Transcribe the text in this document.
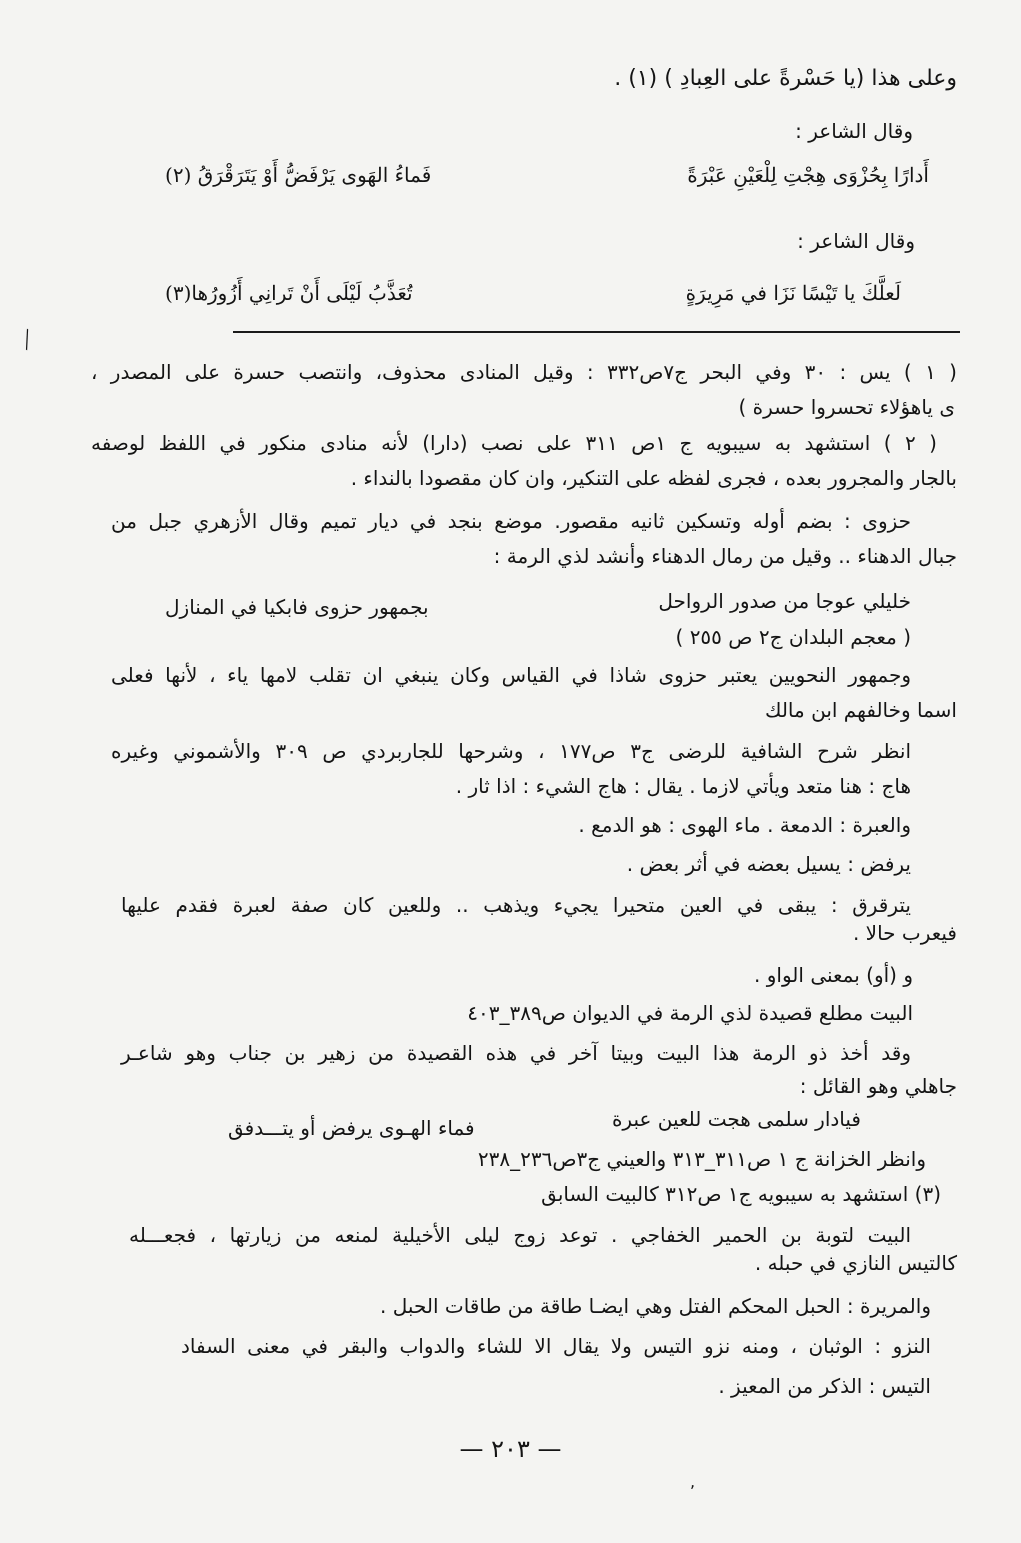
وعلى هذا (يا حَسْرةً على العِبادِ ) (١) .
وقال الشاعر :
أَدارًا بِحُزْوَى هِجْتِ لِلْعَيْنِ عَبْرَةً
فَماءُ الهَوى يَرْفَضُّ أَوْ يَتَرَقْرَقُ (٢)
وقال الشاعر :
لَعلَّكَ يا تَيْسًا نَزَا في مَرِيرَةٍ
تُعَذَّبُ لَيْلَى أَنْ تَرانِي أَزُورُها(٣)
( ١ ) يس : ٣٠ وفي البحر ج٧ص٣٣٢ : وقيل المنادى محذوف، وانتصب حسرة على المصدر ،
ى ياهؤلاء تحسروا حسرة )
( ٢ ) استشهد به سيبويه ج ١ص ٣١١ على نصب (دارا) لأنه منادى منكور في اللفظ لوصفه
بالجار والمجرور بعده ، فجرى لفظه على التنكير، وان كان مقصودا بالنداء .
حزوى : بضم أوله وتسكين ثانيه مقصور. موضع بنجد في ديار تميم وقال الأزهري جبل من
جبال الدهناء .. وقيل من رمال الدهناء وأنشد لذي الرمة :
خليلي عوجا من صدور الرواحل
بجمهور حزوى فابكيا في المنازل
( معجم البلدان ج٢ ص ٢٥٥ )
وجمهور النحويين يعتبر حزوى شاذا في القياس وكان ينبغي ان تقلب لامها ياء ، لأنها فعلى
اسما وخالفهم ابن مالك
انظر شرح الشافية للرضى ج٣ ص١٧٧ ، وشرحها للجاربردي ص ٣٠٩ والأشموني وغيره
هاج : هنا متعد ويأتي لازما . يقال : هاج الشيء : اذا ثار .
والعبرة : الدمعة . ماء الهوى : هو الدمع .
يرفض : يسيل بعضه في أثر بعض .
يترقرق : يبقى في العين متحيرا يجيء ويذهب .. وللعين كان صفة لعبرة فقدم عليها
فيعرب حالا .
و (أو) بمعنى الواو .
البيت مطلع قصيدة لذي الرمة في الديوان ص٣٨٩_٤٠٣
وقد أخذ ذو الرمة هذا البيت وبيتا آخر في هذه القصيدة من زهير بن جناب وهو شاعـر
جاهلي وهو القائل :
فيادار سلمى هجت للعين عبرة
فماء الهـوى يرفض أو يتـــدفق
وانظر الخزانة ج ١ ص٣١١_٣١٣ والعيني ج٣ص٢٣٦_٢٣٨
(٣) استشهد به سيبويه ج١ ص٣١٢ كالبيت السابق
البيت لتوبة بن الحمير الخفاجي . توعد زوج ليلى الأخيلية لمنعه من زيارتها ، فجعـــله
كالتيس النازي في حبله .
والمريرة : الحبل المحكم الفتل وهي ايضـا طاقة من طاقات الحبل .
النزو : الوثبان ، ومنه نزو التيس ولا يقال الا للشاء والدواب والبقر في معنى السفاد
التيس : الذكر من المعيز .
— ٢٠٣ —
╲
,
